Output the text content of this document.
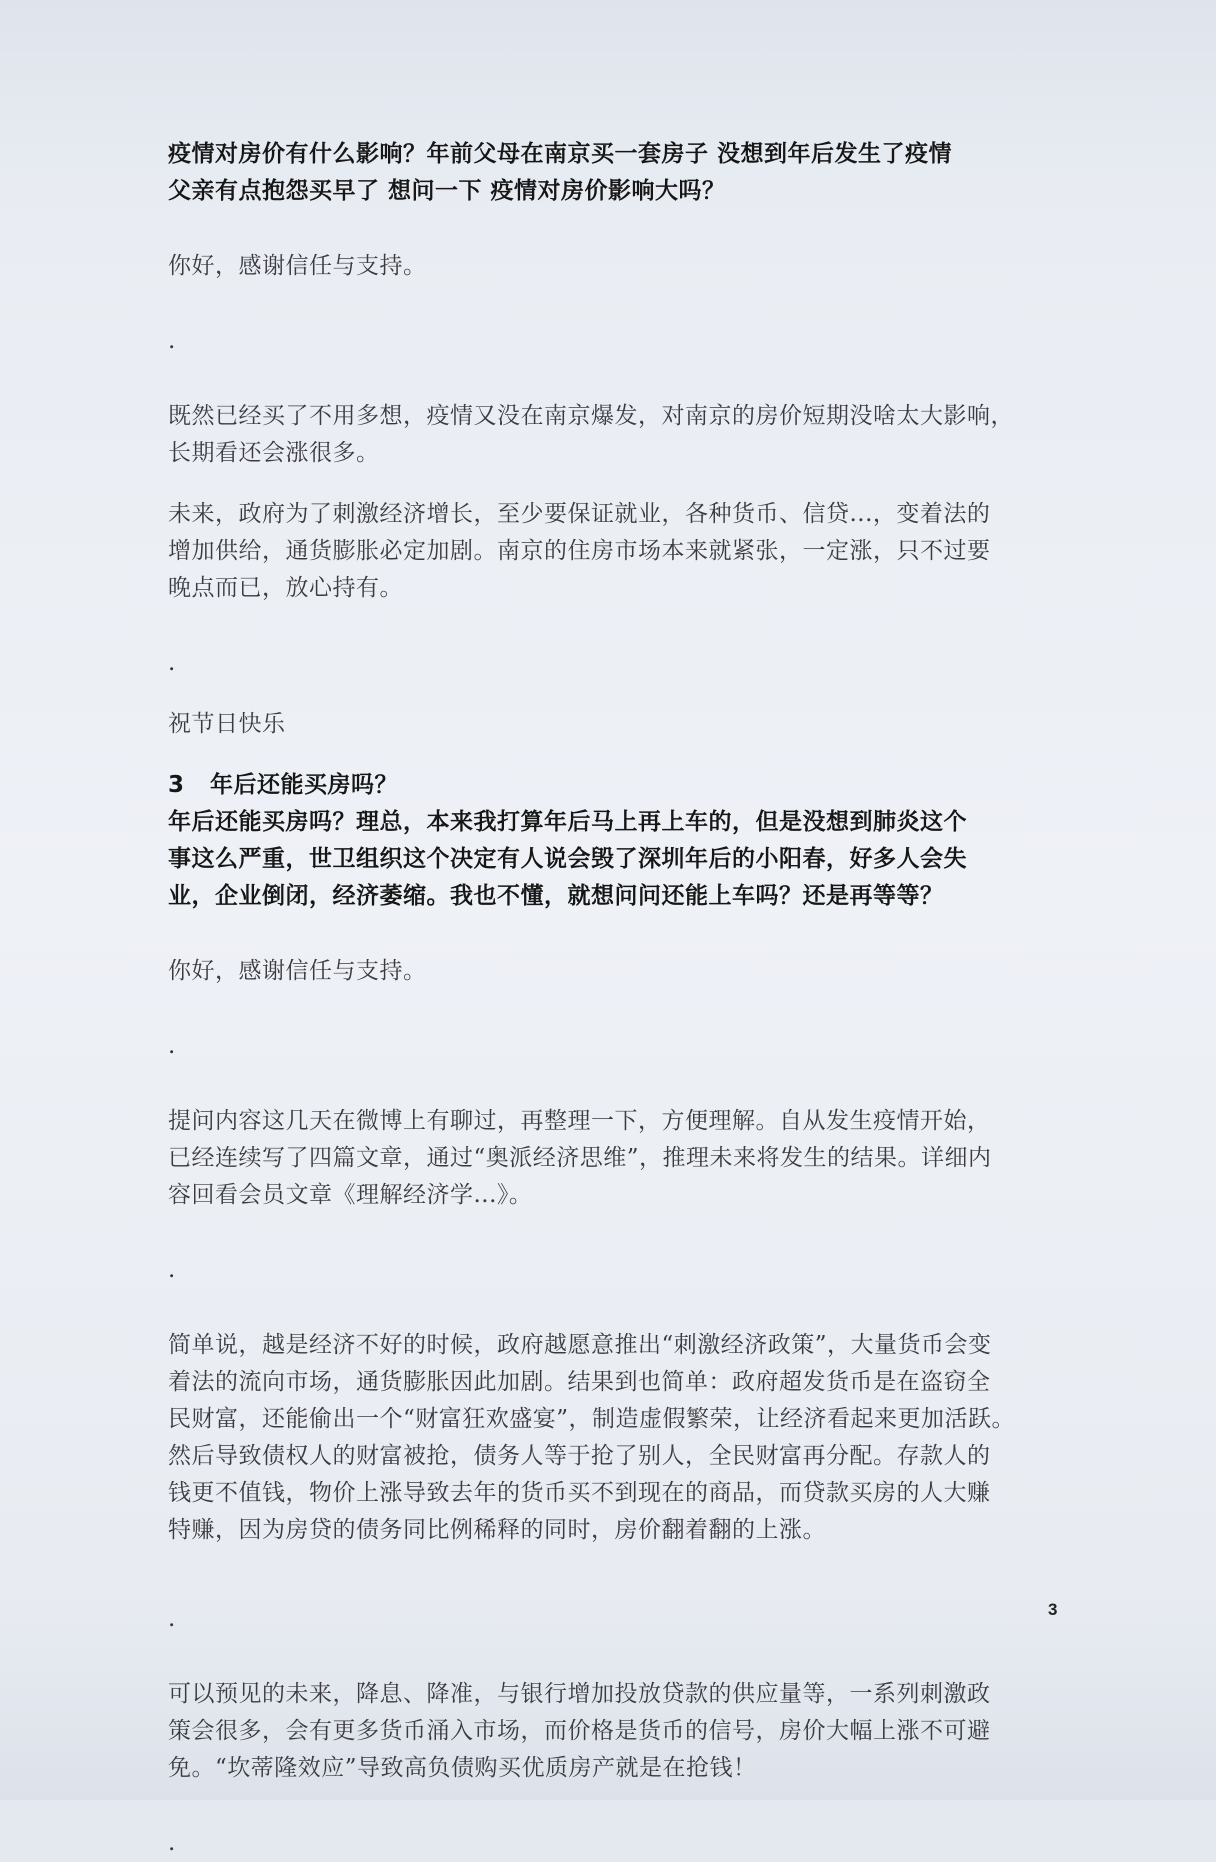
疫情对房价有什么影响？年前父母在南京买一套房子 没想到年后发生了疫情
父亲有点抱怨买早了 想问一下 疫情对房价影响大吗？

你好，感谢信任与支持。

.

既然已经买了不用多想，疫情又没在南京爆发，对南京的房价短期没啥太大影响，
长期看还会涨很多。
未来，政府为了刺激经济增长，至少要保证就业，各种货币、信贷...，变着法的
增加供给，通货膨胀必定加剧。南京的住房市场本来就紧张，一定涨，只不过要
晚点而已，放心持有。

.

祝节日快乐

3   年后还能买房吗？
年后还能买房吗？理总，本来我打算年后马上再上车的，但是没想到肺炎这个
事这么严重，世卫组织这个决定有人说会毁了深圳年后的小阳春，好多人会失
业，企业倒闭，经济萎缩。我也不懂，就想问问还能上车吗？还是再等等？

你好，感谢信任与支持。

.

提问内容这几天在微博上有聊过，再整理一下，方便理解。自从发生疫情开始，
已经连续写了四篇文章，通过“奥派经济思维”，推理未来将发生的结果。详细内
容回看会员文章《理解经济学...》。

.

简单说，越是经济不好的时候，政府越愿意推出“刺激经济政策”，大量货币会变
着法的流向市场，通货膨胀因此加剧。结果到也简单：政府超发货币是在盗窃全
民财富，还能偷出一个“财富狂欢盛宴”，制造虚假繁荣，让经济看起来更加活跃。
然后导致债权人的财富被抢，债务人等于抢了别人，全民财富再分配。存款人的
钱更不值钱，物价上涨导致去年的货币买不到现在的商品，而贷款买房的人大赚
特赚，因为房贷的债务同比例稀释的同时，房价翻着翻的上涨。

.

可以预见的未来，降息、降准，与银行增加投放贷款的供应量等，一系列刺激政
策会很多，会有更多货币涌入市场，而价格是货币的信号，房价大幅上涨不可避
免。“坎蒂隆效应”导致高负债购买优质房产就是在抢钱！

.

3
